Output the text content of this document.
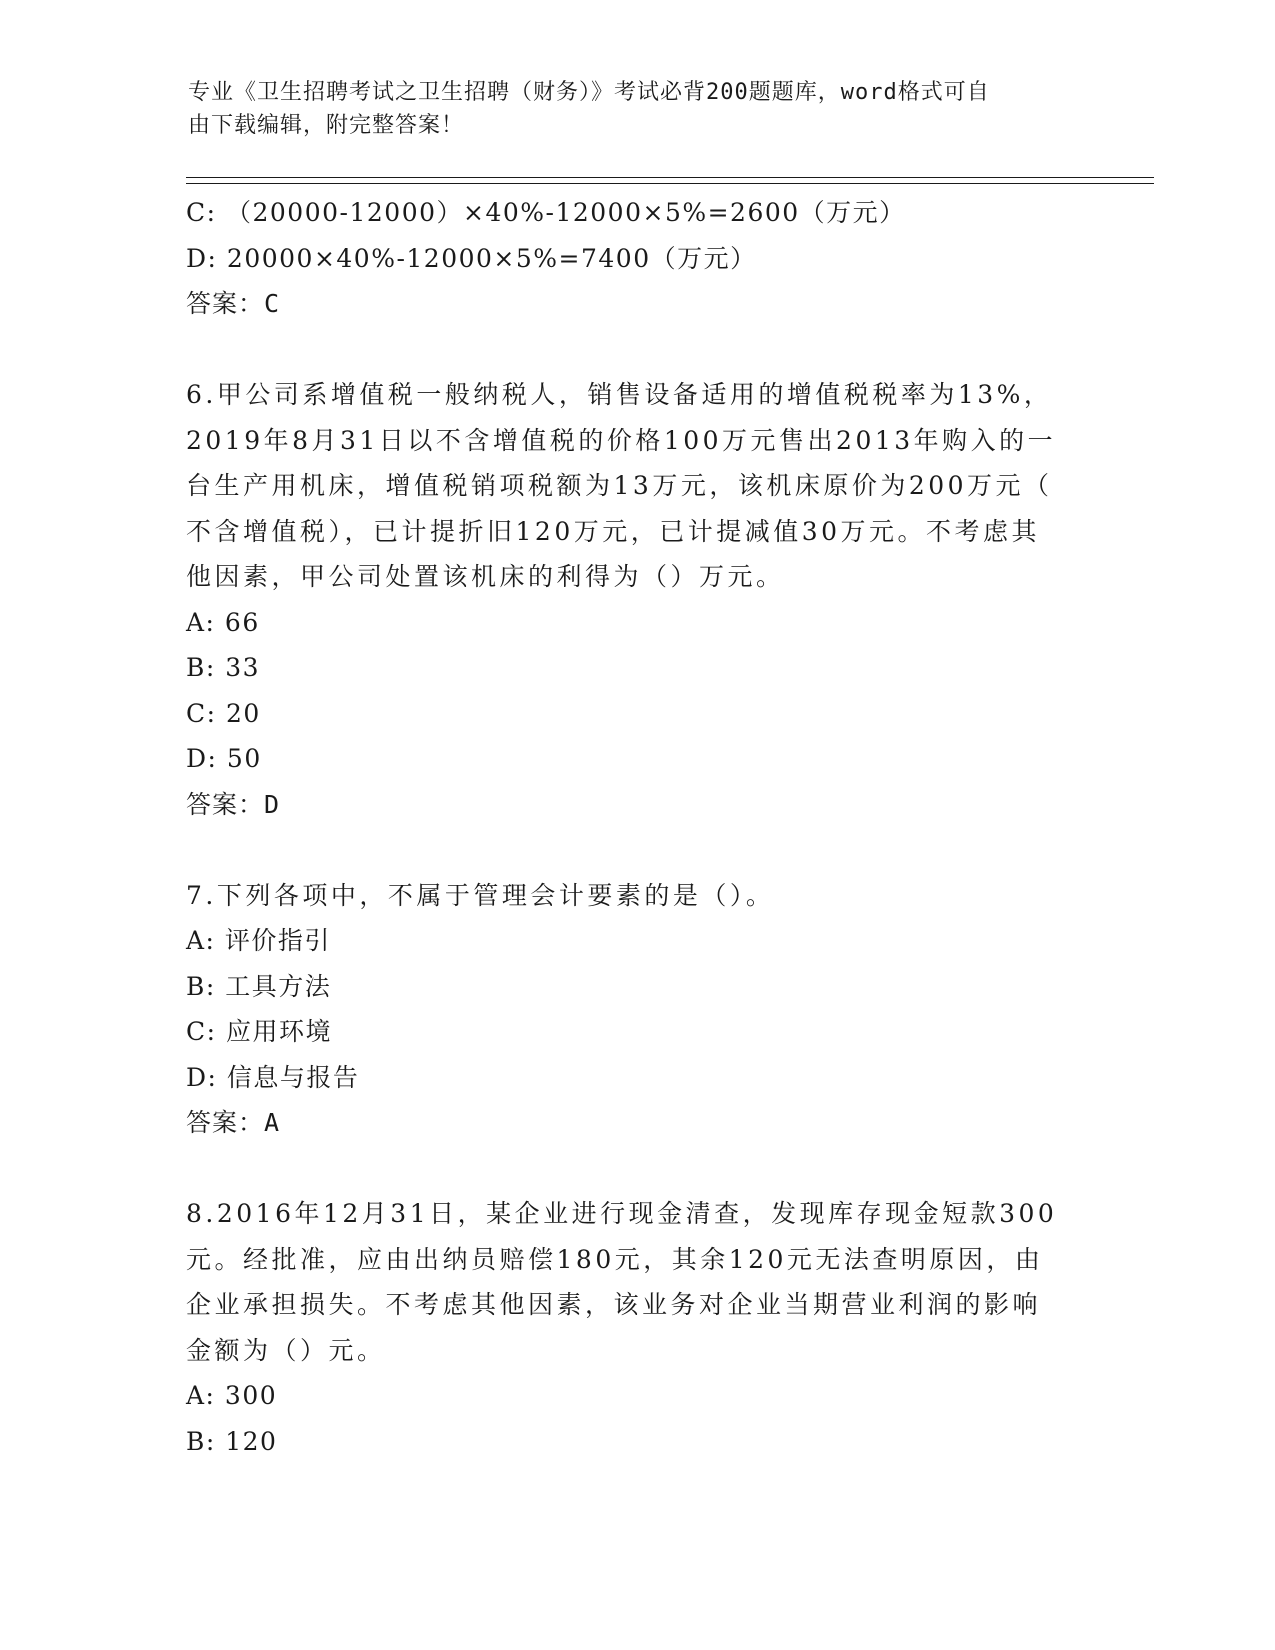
专业《卫生招聘考试之卫生招聘（财务）》考试必背200题题库，word格式可自
由下载编辑，附完整答案！
C: （20000-12000）×40%-12000×5%=2600（万元）
D: 20000×40%-12000×5%=7400（万元）
答案：C
6.甲公司系增值税一般纳税人，销售设备适用的增值税税率为13%，
2019年8月31日以不含增值税的价格100万元售出2013年购入的一
台生产用机床，增值税销项税额为13万元，该机床原价为200万元（
不含增值税），已计提折旧120万元，已计提减值30万元。不考虑其
他因素，甲公司处置该机床的利得为（）万元。
A: 66
B: 33
C: 20
D: 50
答案：D
7.下列各项中，不属于管理会计要素的是（）。
A: 评价指引
B: 工具方法
C: 应用环境
D: 信息与报告
答案：A
8.2016年12月31日，某企业进行现金清查，发现库存现金短款300
元。经批准，应由出纳员赔偿180元，其余120元无法查明原因，由
企业承担损失。不考虑其他因素，该业务对企业当期营业利润的影响
金额为（）元。
A: 300
B: 120
